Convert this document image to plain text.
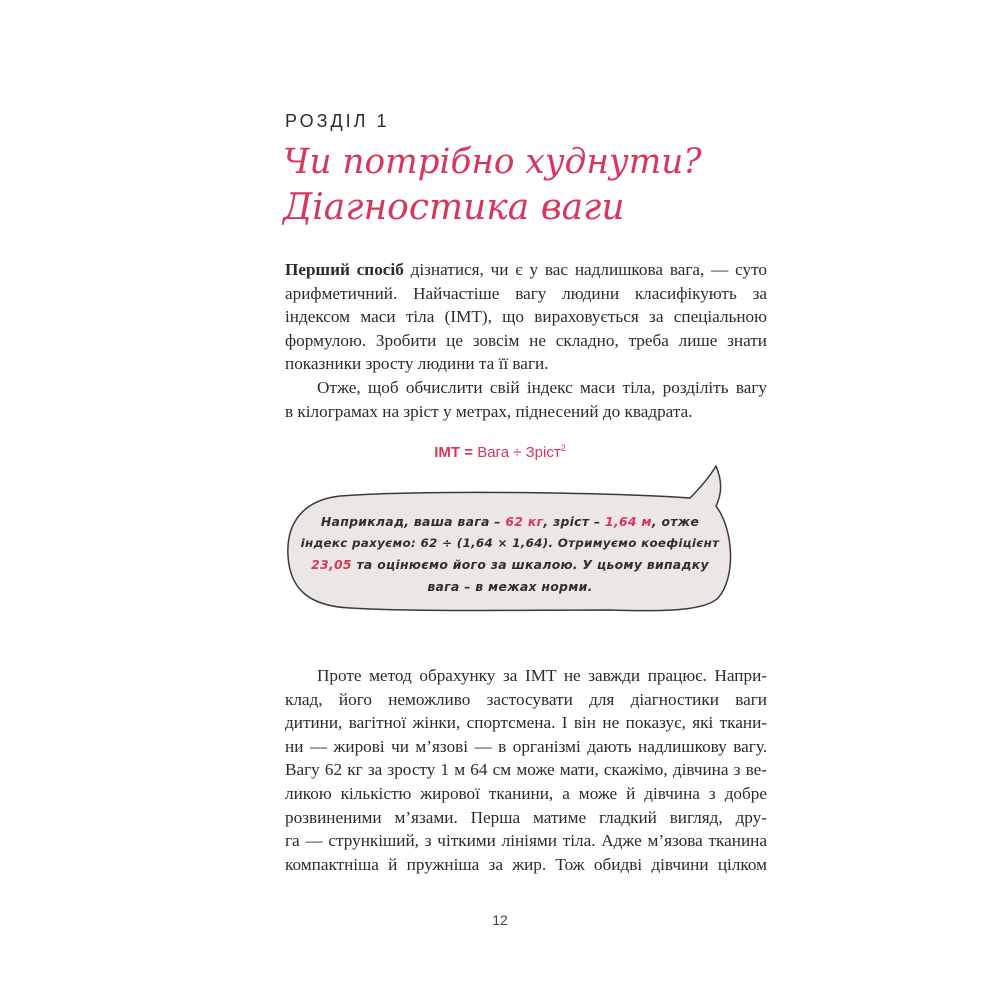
РОЗДІЛ 1
Чи потрібно худнути?
Діагностика ваги

Перший спосіб дізнатися, чи є у вас надлишкова вага, — суто
арифметичний. Найчастіше вагу людини класифікують за
індексом маси тіла (IMT), що вираховується за спеціальною
формулою. Зробити це зовсім не складно, треба лише знати
показники зросту людини та її ваги.

Отже, щоб обчислити свій індекс маси тіла, розділіть вагу
в кілограмах на зріст у метрах, піднесений до квадрата.

IMT = Вага ÷ Зріст$^2$
Наприклад, ваша вага – 62 кг, зріст – 1,64 м, отже
індекс рахуємо: 62 ÷ (1,64 × 1,64). Отримуємо коефіцієнт
23,05 та оцінюємо його за шкалою. У цьому випадку
вага – в межах норми.

Проте метод обрахунку за IMT не завжди працює. Напри-
клад, його неможливо застосувати для діагностики ваги
дитини, вагітної жінки, спортсмена. І він не показує, які ткани-
ни — жирові чи м’язові — в організмі дають надлишкову вагу.
Вагу 62 кг за зросту 1 м 64 см може мати, скажімо, дівчина з ве-
ликою кількістю жирової тканини, а може й дівчина з добре
розвиненими м’язами. Перша матиме гладкий вигляд, дру-
га — стрункіший, з чіткими лініями тіла. Адже м’язова тканина
компактніша й пружніша за жир. Тож обидві дівчини цілком

12
